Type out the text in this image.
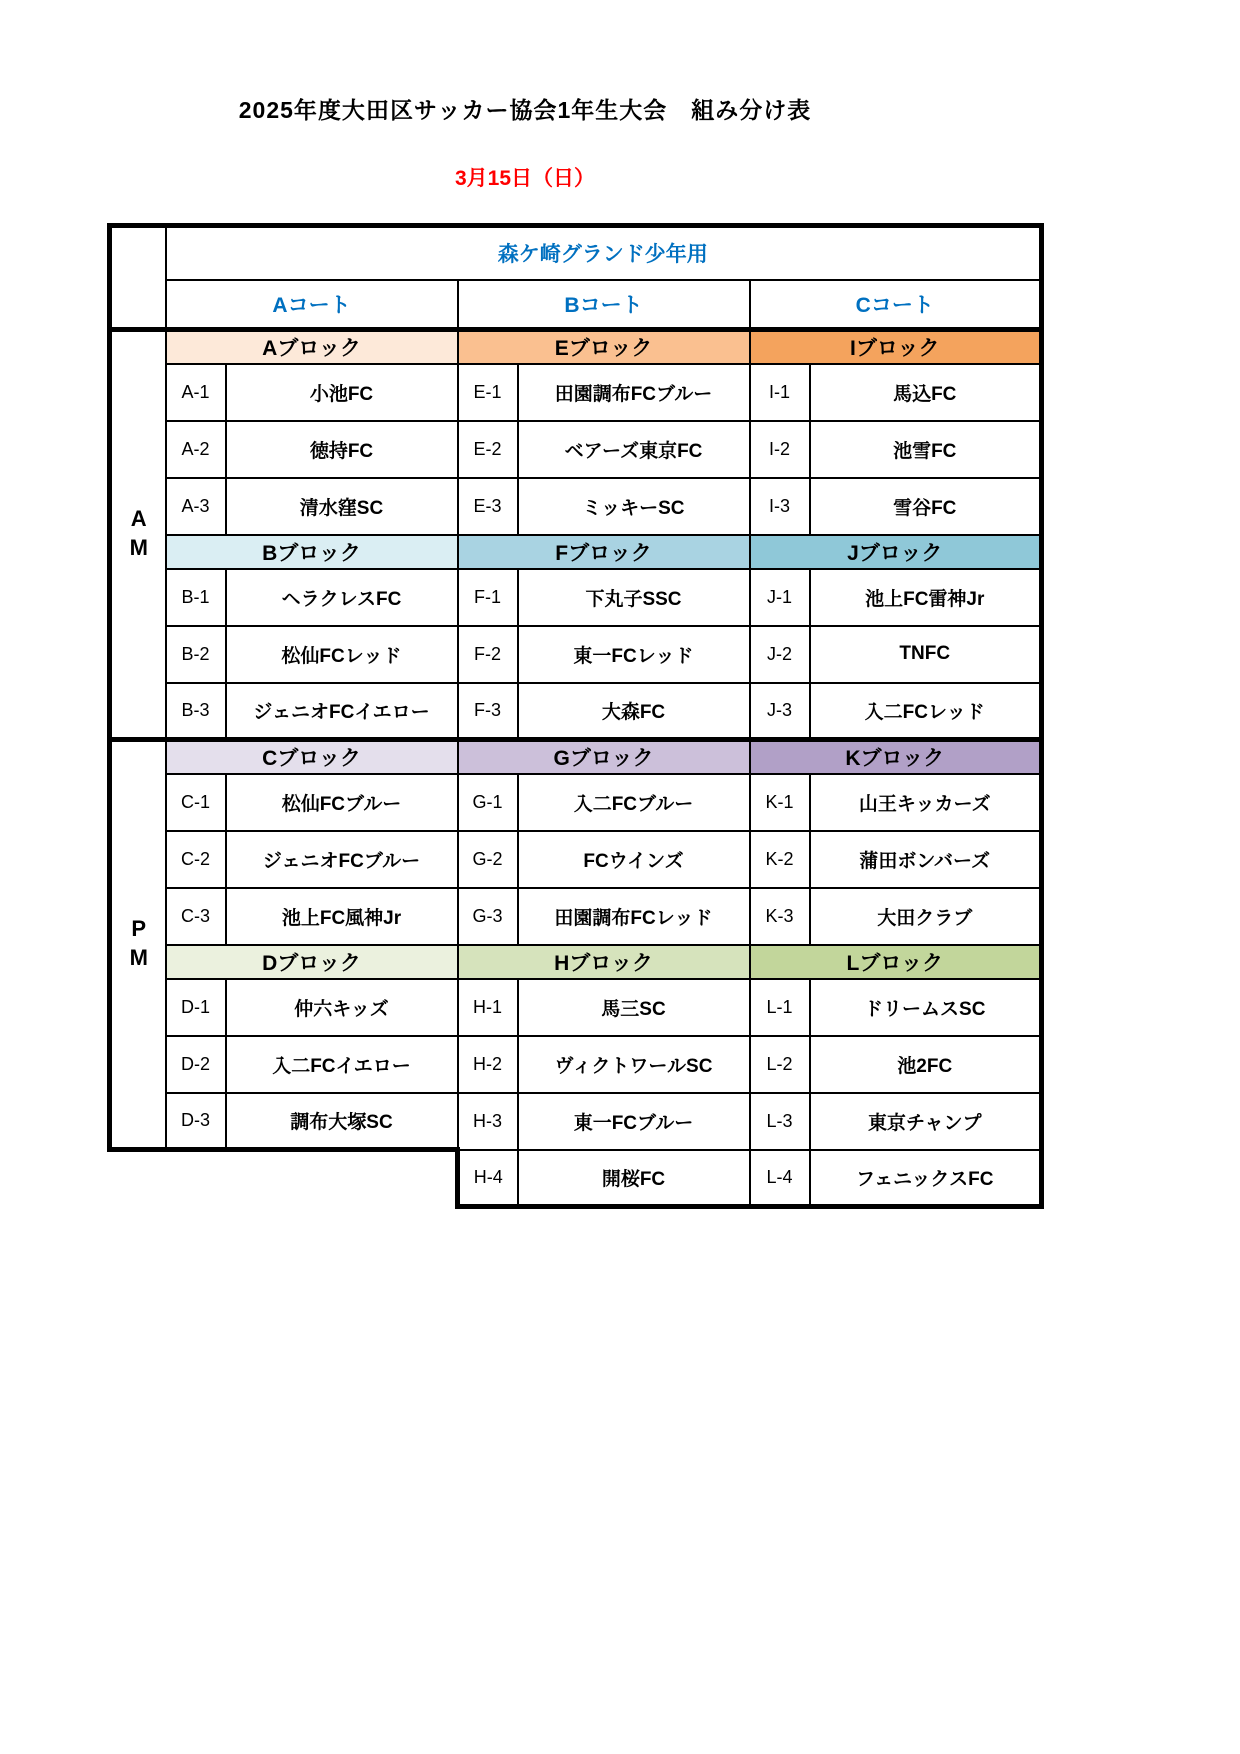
2025年度大田区サッカー協会1年生大会　組み分け表
3月15日（日）
	森ケ崎グランド少年用					
	Aコート		Bコート		Cコート	

AM	Aブロック		Eブロック		Iブロック	
	A-1	小池FC	E-1	田園調布FCブルー	I-1	馬込FC
	A-2	徳持FC	E-2	ベアーズ東京FC	I-2	池雪FC
	A-3	清水窪SC	E-3	ミッキーSC	I-3	雪谷FC
	Bブロック		Fブロック		Jブロック	
	B-1	ヘラクレスFC	F-1	下丸子SSC	J-1	池上FC雷神Jr
	B-2	松仙FCレッド	F-2	東一FCレッド	J-2	TNFC
	B-3	ジェニオFCイエロー	F-3	大森FC	J-3	入二FCレッド

PM	Cブロック		Gブロック		Kブロック	
	C-1	松仙FCブルー	G-1	入二FCブルー	K-1	山王キッカーズ
	C-2	ジェニオFCブルー	G-2	FCウインズ	K-2	蒲田ボンバーズ
	C-3	池上FC風神Jr	G-3	田園調布FCレッド	K-3	大田クラブ
	Dブロック		Hブロック		Lブロック	
	D-1	仲六キッズ	H-1	馬三SC	L-1	ドリームスSC
	D-2	入二FCイエロー	H-2	ヴィクトワールSC	L-2	池2FC
	D-3	調布大塚SC	H-3	東一FCブルー	L-3	東京チャンプ
			H-4	開桜FC	L-4	フェニックスFC
